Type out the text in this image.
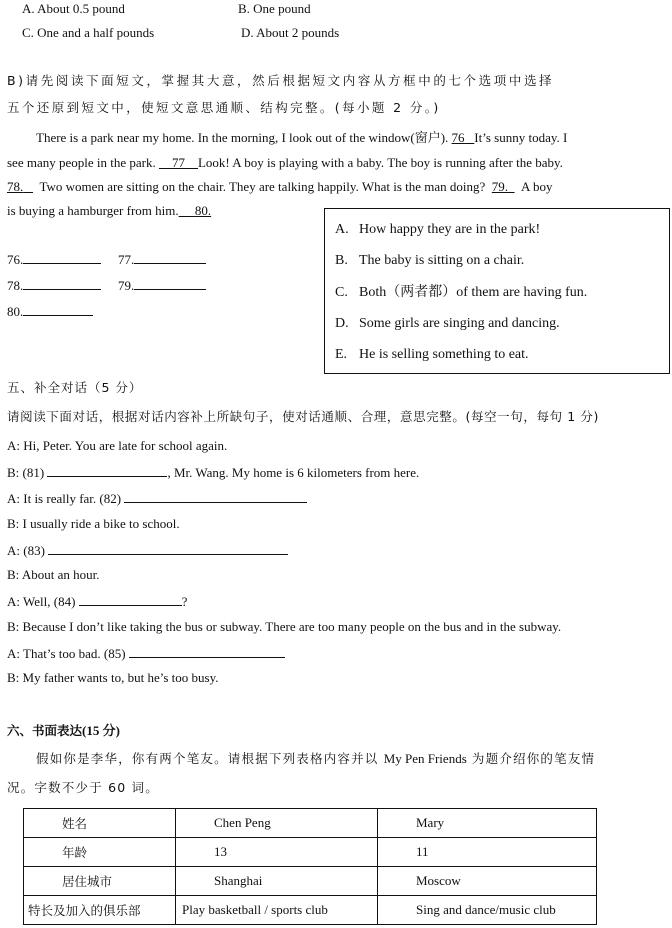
A. About 0.5 pound	B. One pound
C. One and a half pounds	D. About 2 pounds
B)请先阅读下面短文，掌握其大意，然后根据短文内容从方框中的七个选项中选择
五个还原到短文中，使短文意思通顺、结构完整。(每小题 2 分。)
There is a park near my home. In the morning, I look out of the window(窗户). 76 It’s sunny today. I
see many people in the park.     77 Look! A boy is playing with a baby. The boy is running after the baby.
78. Two women are sitting on the chair. They are talking happily. What is the man doing? 79. A boy
is buying a hamburger from him. 80.
76.	77.
78.	79.
80.
A. How happy they are in the park!
B. The baby is sitting on a chair.
C. Both（两者都）of them are having fun.
D. Some girls are singing and dancing.
E. He is selling something to eat.
五、补全对话（5 分）
请阅读下面对话，根据对话内容补上所缺句子，使对话通顺、合理，意思完整。(每空一句，每句 1 分)
A: Hi, Peter. You are late for school again.
B: (81)	, Mr. Wang. My home is 6 kilometers from here.
A: It is really far. (82)
B: I usually ride a bike to school.
A: (83)
B: About an hour.
A: Well, (84)	?
B: Because I don’t like taking the bus or subway. There are too many people on the bus and in the subway.
A: That’s too bad. (85)
B: My father wants to, but he’s too busy.
六、书面表达(15 分)
假如你是李华，你有两个笔友。请根据下列表格内容并以 My Pen Friends 为题介绍你的笔友情
况。字数不少于 60 词。
姓名	Chen Peng	Mary
年龄	13	11
居住城市	Shanghai	Moscow
特长及加入的俱乐部	Play basketball / sports club	Sing and dance/music club
